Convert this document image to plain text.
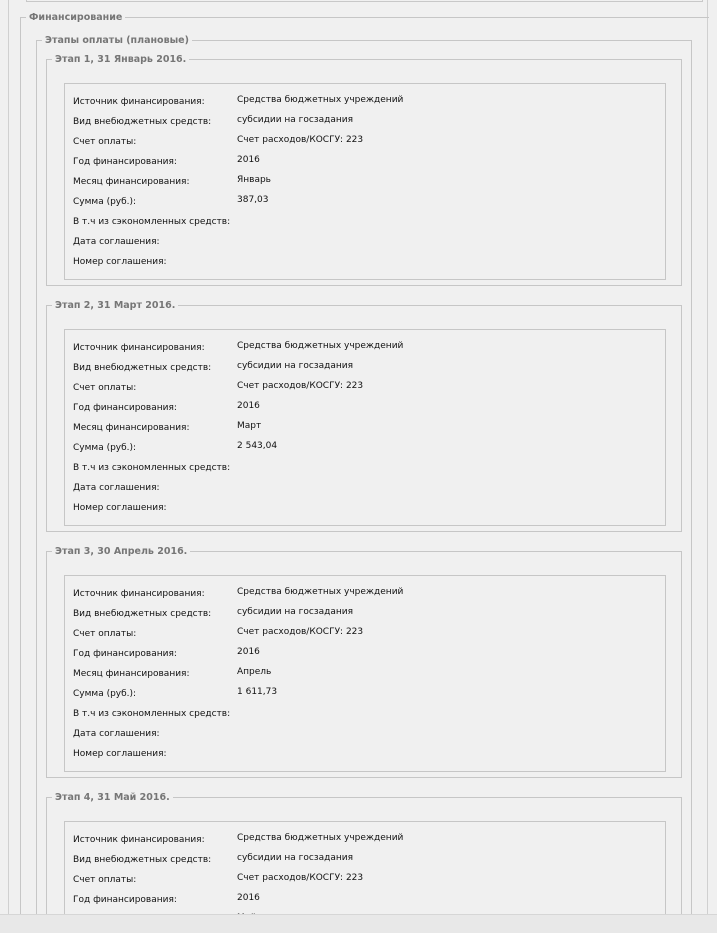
Финансирование
Этапы оплаты (плановые)
Этап 1, 31 Январь 2016.
Источник финансирования:	Средства бюджетных учреждений
Вид внебюджетных средств:	субсидии на госзадания
Счет оплаты:	Счет расходов/КОСГУ: 223
Год финансирования:	2016
Месяц финансирования:	Январь
Сумма (руб.):	387,03
В т.ч из сэкономленных средств:
Дата соглашения:
Номер соглашения:
Этап 2, 31 Март 2016.
Источник финансирования:	Средства бюджетных учреждений
Вид внебюджетных средств:	субсидии на госзадания
Счет оплаты:	Счет расходов/КОСГУ: 223
Год финансирования:	2016
Месяц финансирования:	Март
Сумма (руб.):	2 543,04
В т.ч из сэкономленных средств:
Дата соглашения:
Номер соглашения:
Этап 3, 30 Апрель 2016.
Источник финансирования:	Средства бюджетных учреждений
Вид внебюджетных средств:	субсидии на госзадания
Счет оплаты:	Счет расходов/КОСГУ: 223
Год финансирования:	2016
Месяц финансирования:	Апрель
Сумма (руб.):	1 611,73
В т.ч из сэкономленных средств:
Дата соглашения:
Номер соглашения:
Этап 4, 31 Май 2016.
Источник финансирования:	Средства бюджетных учреждений
Вид внебюджетных средств:	субсидии на госзадания
Счет оплаты:	Счет расходов/КОСГУ: 223
Год финансирования:	2016
